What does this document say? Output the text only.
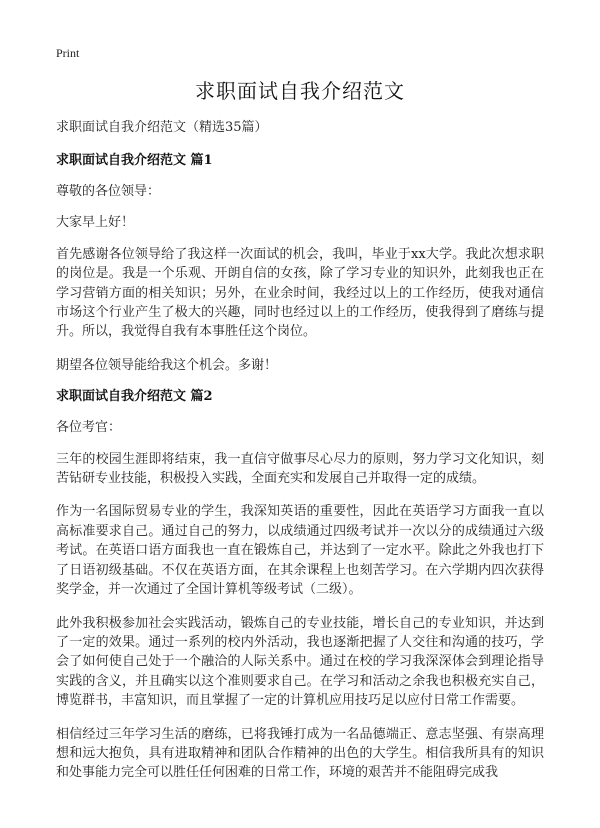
Print
求职面试自我介绍范文

求职面试自我介绍范文（精选35篇）

求职面试自我介绍范文 篇1

尊敬的各位领导：

大家早上好！

首先感谢各位领导给了我这样一次面试的机会，我叫，毕业于xx大学。我此次想求职的岗位是。我是一个乐观、开朗自信的女孩，除了学习专业的知识外，此刻我也正在学习营销方面的相关知识；另外，在业余时间，我经过以上的工作经历，使我对通信市场这个行业产生了极大的兴趣，同时也经过以上的工作经历，使我得到了磨练与提升。所以，我觉得自我有本事胜任这个岗位。

期望各位领导能给我这个机会。多谢！

求职面试自我介绍范文 篇2

各位考官：

三年的校园生涯即将结束，我一直信守做事尽心尽力的原则，努力学习文化知识，刻苦钻研专业技能，积极投入实践，全面充实和发展自己并取得一定的成绩。

作为一名国际贸易专业的学生，我深知英语的重要性，因此在英语学习方面我一直以高标准要求自己。通过自己的努力，以成绩通过四级考试并一次以分的成绩通过六级考试。在英语口语方面我也一直在锻炼自己，并达到了一定水平。除此之外我也打下了日语初级基础。不仅在英语方面，在其余课程上也刻苦学习。在六学期内四次获得奖学金，并一次通过了全国计算机等级考试（二级）。

此外我积极参加社会实践活动，锻炼自己的专业技能，增长自己的专业知识，并达到了一定的效果。通过一系列的校内外活动，我也逐渐把握了人交往和沟通的技巧，学会了如何使自己处于一个融洽的人际关系中。通过在校的学习我深深体会到理论指导实践的含义，并且确实以这个准则要求自己。在学习和活动之余我也积极充实自己，博览群书，丰富知识，而且掌握了一定的计算机应用技巧足以应付日常工作需要。

相信经过三年学习生活的磨练，已将我锤打成为一名品德端正、意志坚强、有崇高理想和远大抱负，具有进取精神和团队合作精神的出色的大学生。相信我所具有的知识和处事能力完全可以胜任任何困难的日常工作，环境的艰苦并不能阻碍完成我
